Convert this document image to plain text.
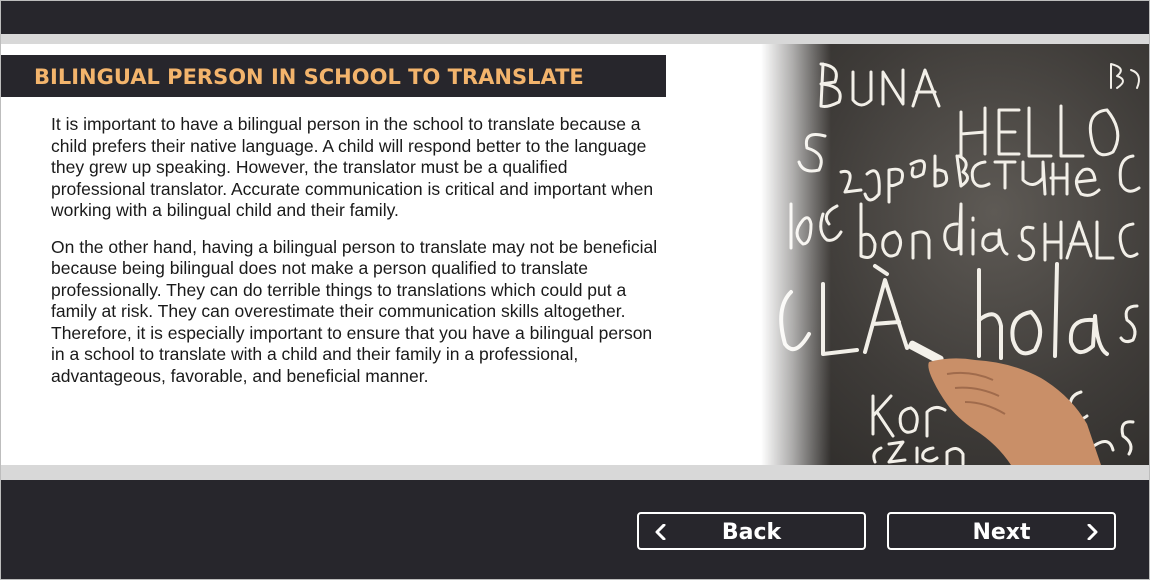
BILINGUAL PERSON IN SCHOOL TO TRANSLATE

It is important to have a bilingual person in the school to translate because a child prefers their native language. A child will respond better to the language they grew up speaking. However, the translator must be a qualified professional translator. Accurate communication is critical and important when working with a bilingual child and their family.

On the other hand, having a bilingual person to translate may not be beneficial because being bilingual does not make a person qualified to translate professionally. They can do terrible things to translations which could put a family at risk. They can overestimate their communication skills altogether. Therefore, it is especially important to ensure that you have a bilingual person in a school to translate with a child and their family in a professional, advantageous, favorable, and beneficial manner.

Back	Next
